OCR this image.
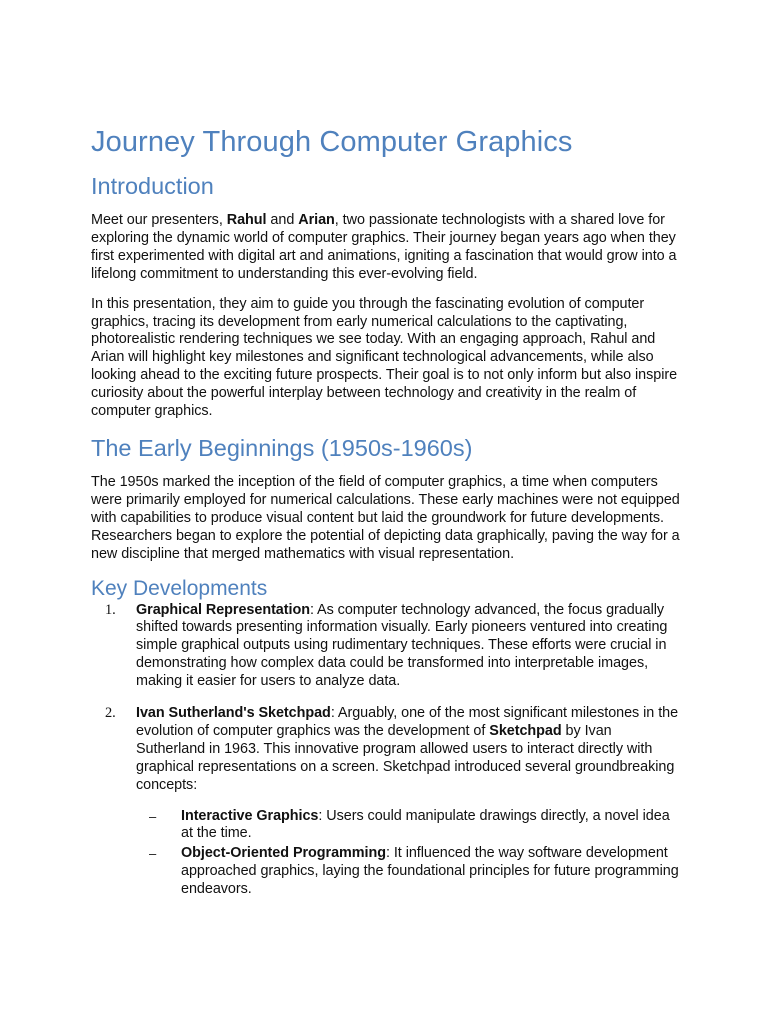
Journey Through Computer Graphics
Introduction

Meet our presenters, Rahul and Arian, two passionate technologists with a shared love for exploring the dynamic world of computer graphics. Their journey began years ago when they first experimented with digital art and animations, igniting a fascination that would grow into a lifelong commitment to understanding this ever-evolving field.

In this presentation, they aim to guide you through the fascinating evolution of computer graphics, tracing its development from early numerical calculations to the captivating, photorealistic rendering techniques we see today. With an engaging approach, Rahul and Arian will highlight key milestones and significant technological advancements, while also looking ahead to the exciting future prospects. Their goal is to not only inform but also inspire curiosity about the powerful interplay between technology and creativity in the realm of computer graphics.

The Early Beginnings (1950s-1960s)

The 1950s marked the inception of the field of computer graphics, a time when computers were primarily employed for numerical calculations. These early machines were not equipped with capabilities to produce visual content but laid the groundwork for future developments. Researchers began to explore the potential of depicting data graphically, paving the way for a new discipline that merged mathematics with visual representation.

Key Developments
1. Graphical Representation: As computer technology advanced, the focus gradually shifted towards presenting information visually. Early pioneers ventured into creating simple graphical outputs using rudimentary techniques. These efforts were crucial in demonstrating how complex data could be transformed into interpretable images, making it easier for users to analyze data.
2. Ivan Sutherland's Sketchpad: Arguably, one of the most significant milestones in the evolution of computer graphics was the development of Sketchpad by Ivan Sutherland in 1963. This innovative program allowed users to interact directly with graphical representations on a screen. Sketchpad introduced several groundbreaking concepts:
– Interactive Graphics: Users could manipulate drawings directly, a novel idea at the time.
– Object-Oriented Programming: It influenced the way software development approached graphics, laying the foundational principles for future programming endeavors.
